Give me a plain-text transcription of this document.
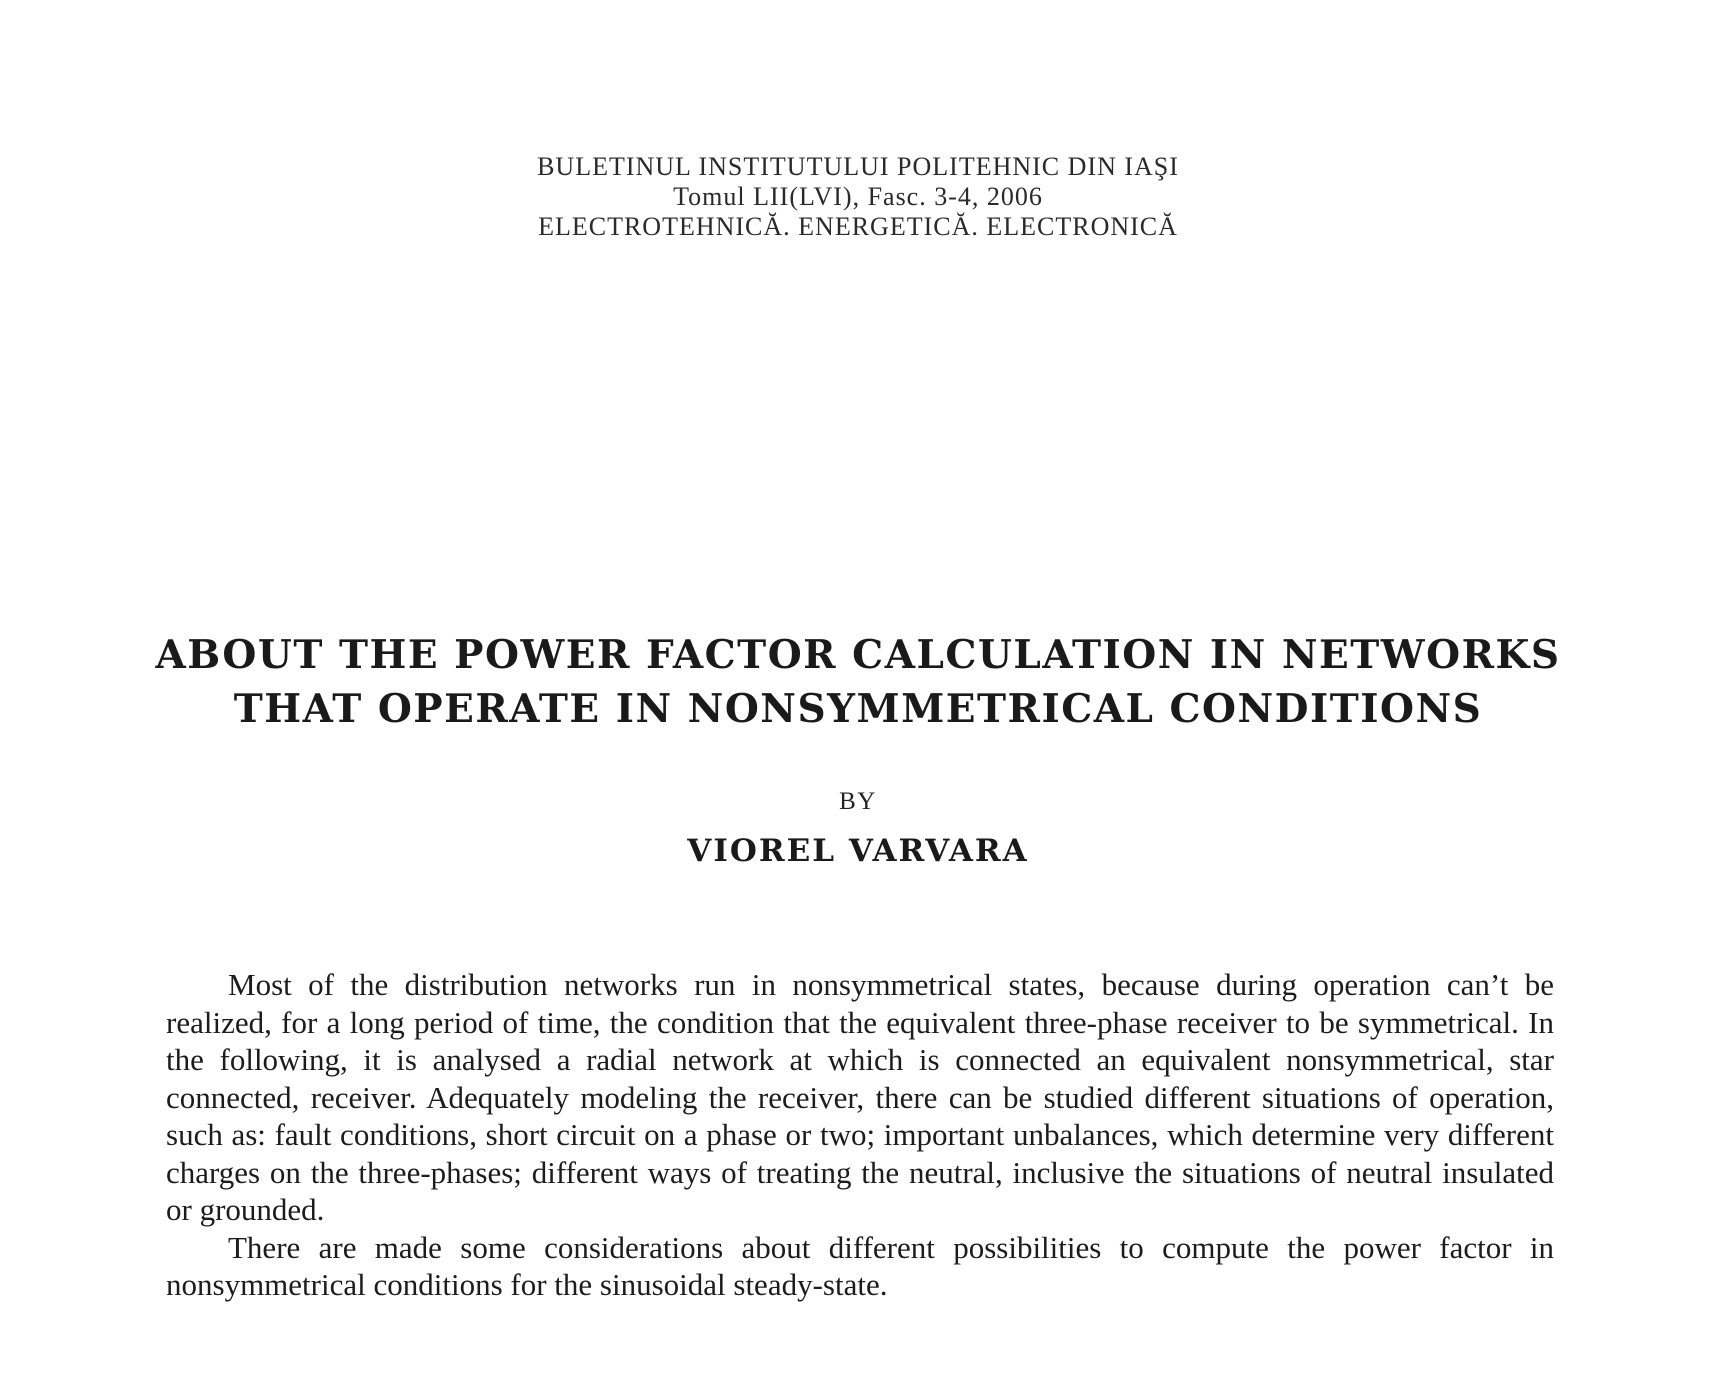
BULETINUL INSTITUTULUI POLITEHNIC DIN IAŞI
Tomul LII(LVI), Fasc. 3-4, 2006
ELECTROTEHNICĂ. ENERGETICĂ. ELECTRONICĂ
ABOUT THE POWER FACTOR CALCULATION IN NETWORKS
THAT OPERATE IN NONSYMMETRICAL CONDITIONS
BY
VIOREL VARVARA

Most of the distribution networks run in nonsymmetrical states, because during operation can’t be realized, for a long period of time, the condition that the equivalent three-phase receiver to be symmetrical. In the following, it is analysed a radial network at which is connected an equivalent nonsymmetrical, star connected, receiver. Adequately modeling the receiver, there can be studied different situations of operation, such as: fault conditions, short circuit on a phase or two; important unbalances, which determine very different charges on the three-phases; different ways of treating the neutral, inclusive the situations of neutral insulated or grounded.

There are made some considerations about different possibilities to compute the power factor in nonsymmetrical conditions for the sinusoidal steady-state.
